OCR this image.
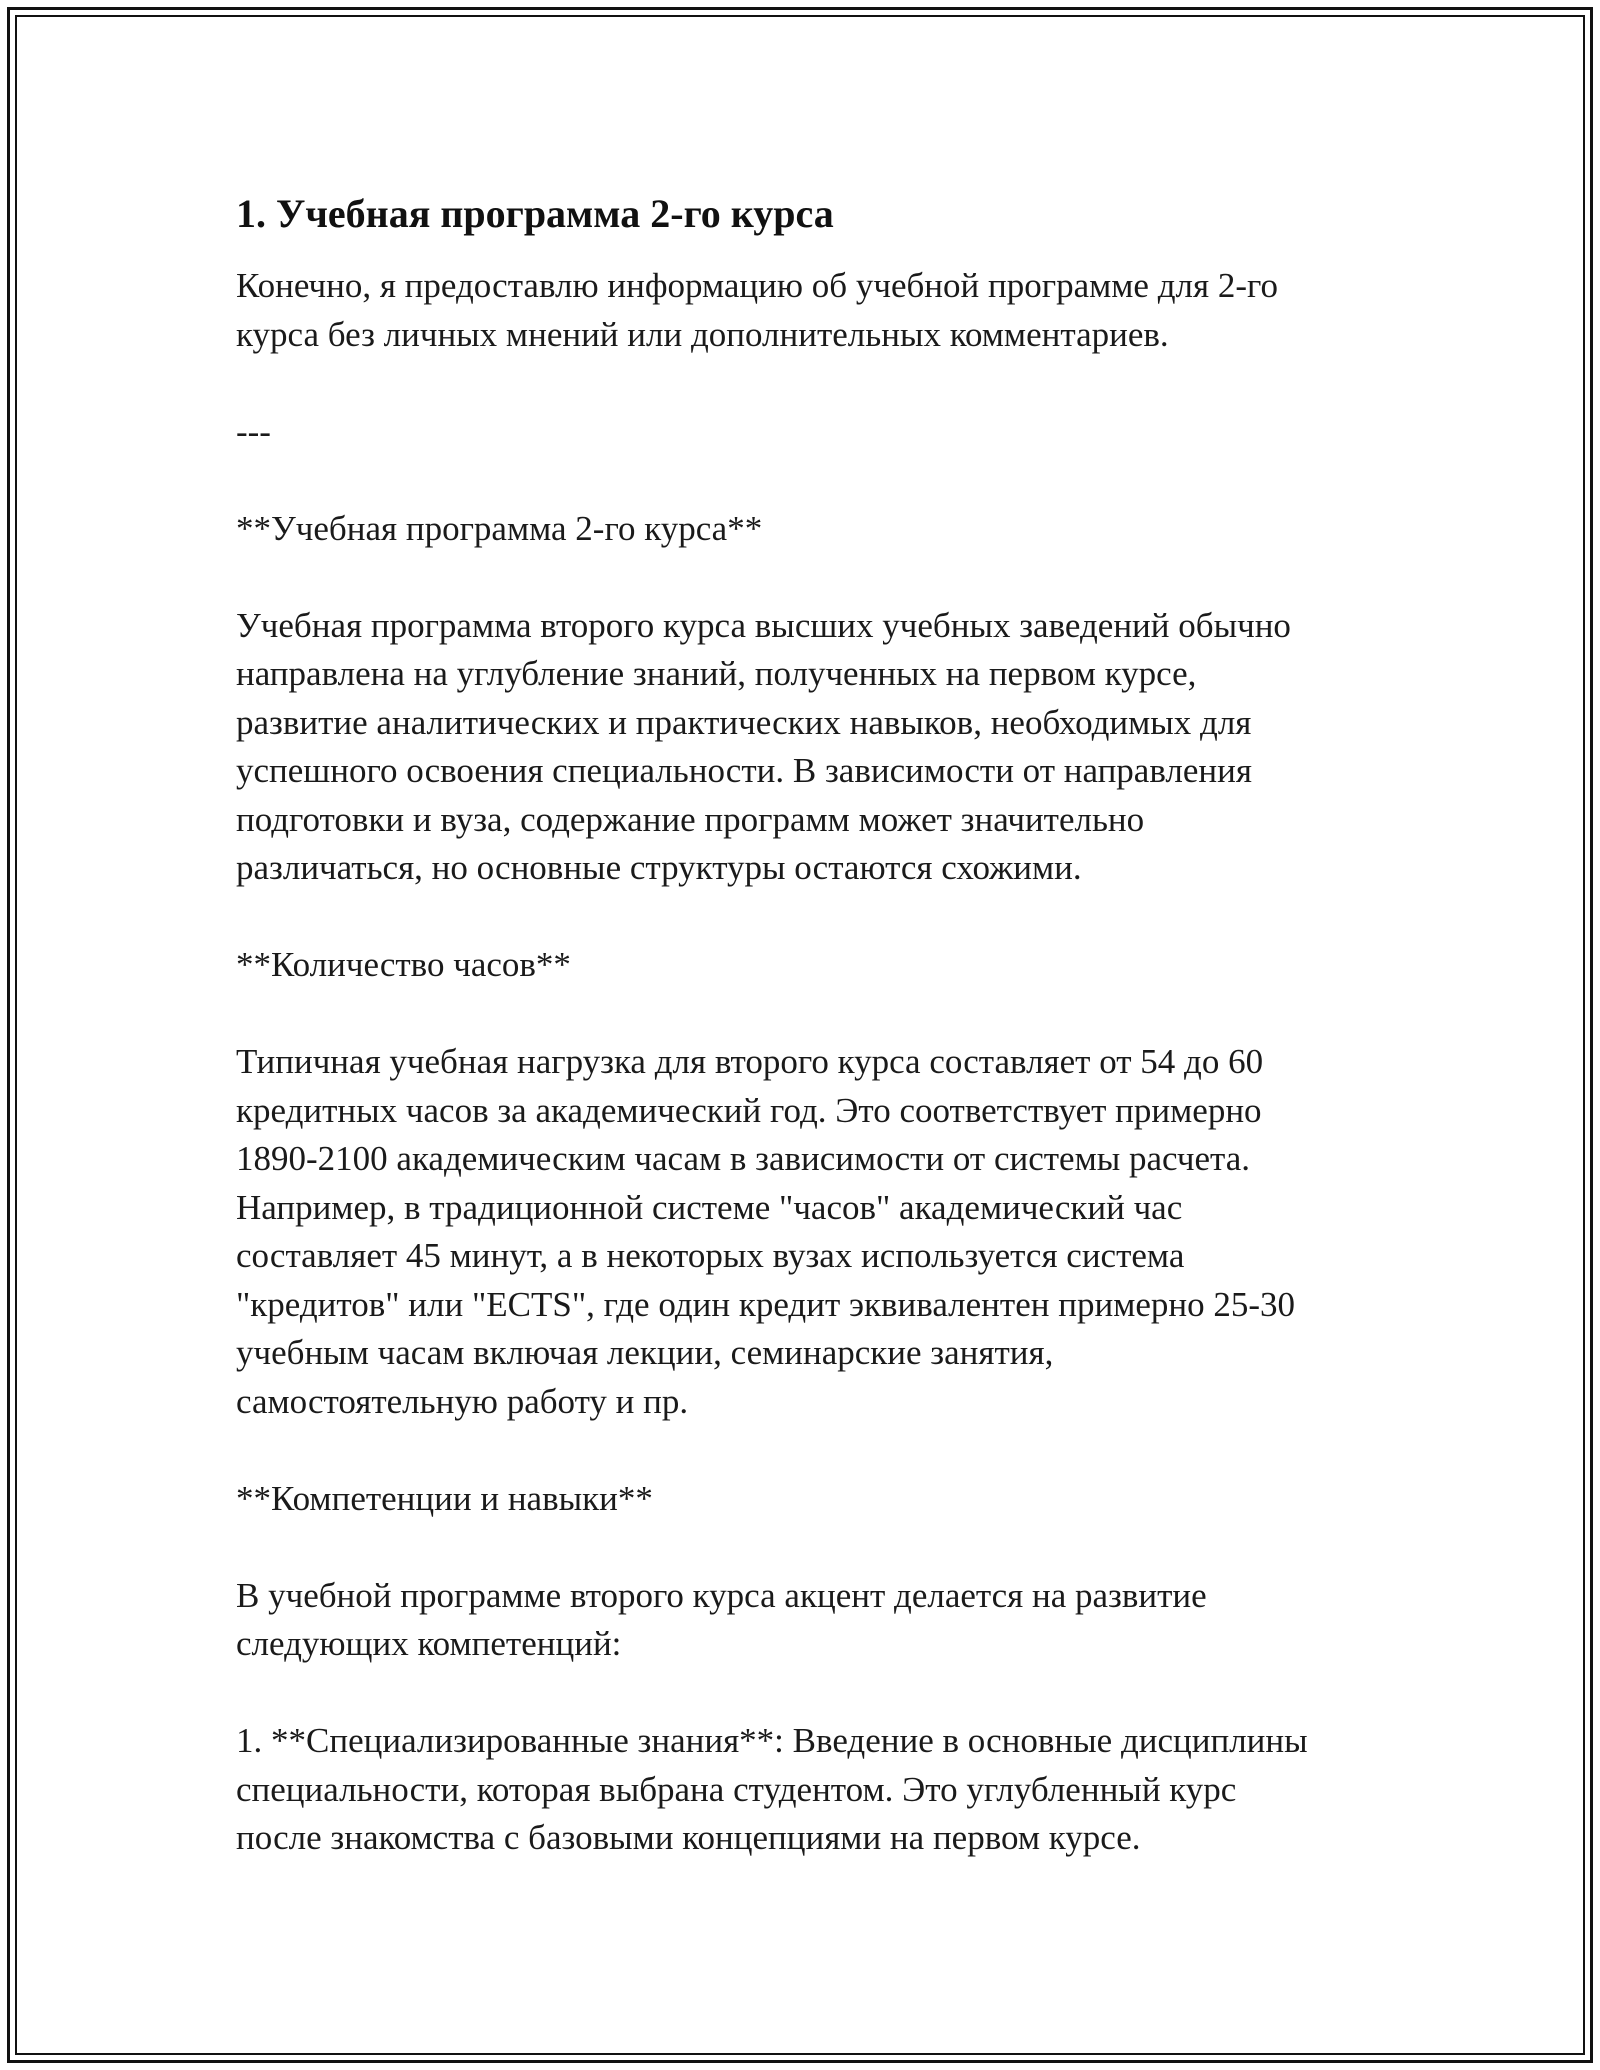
1. Учебная программа 2-го курса

Конечно, я предоставлю информацию об учебной программе для 2-го
курса без личных мнений или дополнительных комментариев.

---

**Учебная программа 2-го курса**

Учебная программа второго курса высших учебных заведений обычно
направлена на углубление знаний, полученных на первом курсе,
развитие аналитических и практических навыков, необходимых для
успешного освоения специальности. В зависимости от направления
подготовки и вуза, содержание программ может значительно
различаться, но основные структуры остаются схожими.

**Количество часов**

Типичная учебная нагрузка для второго курса составляет от 54 до 60
кредитных часов за академический год. Это соответствует примерно
1890-2100 академическим часам в зависимости от системы расчета.
Например, в традиционной системе "часов" академический час
составляет 45 минут, а в некоторых вузах используется система
"кредитов" или "ECTS", где один кредит эквивалентен примерно 25-30
учебным часам включая лекции, семинарские занятия,
самостоятельную работу и пр.

**Компетенции и навыки**

В учебной программе второго курса акцент делается на развитие
следующих компетенций:

1. **Специализированные знания**: Введение в основные дисциплины
специальности, которая выбрана студентом. Это углубленный курс
после знакомства с базовыми концепциями на первом курсе.
